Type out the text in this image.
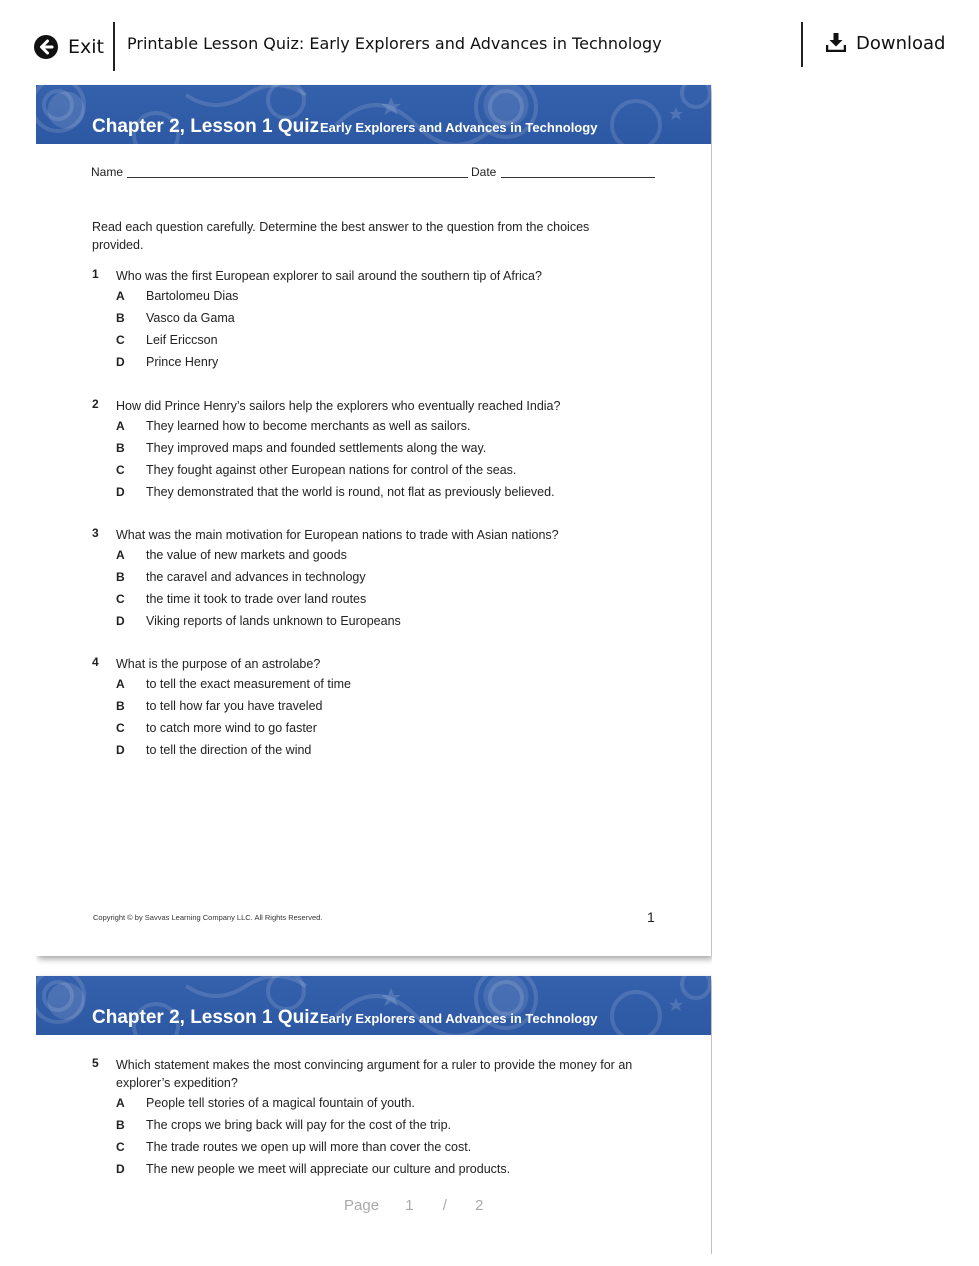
Exit Printable Lesson Quiz: Early Explorers and Advances in Technology	Download
Chapter 2, Lesson 1 QuizEarly Explorers and Advances in Technology
Name	Date
Read each question carefully. Determine the best answer to the question from the choices provided.
1 Who was the first European explorer to sail around the southern tip of Africa?
A Bartolomeu Dias
B Vasco da Gama
C Leif Ericcson
D Prince Henry
2 How did Prince Henry’s sailors help the explorers who eventually reached India?
A They learned how to become merchants as well as sailors.
B They improved maps and founded settlements along the way.
C They fought against other European nations for control of the seas.
D They demonstrated that the world is round, not flat as previously believed.
3 What was the main motivation for European nations to trade with Asian nations?
A the value of new markets and goods
B the caravel and advances in technology
C the time it took to trade over land routes
D Viking reports of lands unknown to Europeans
4 What is the purpose of an astrolabe?
A to tell the exact measurement of time
B to tell how far you have traveled
C to catch more wind to go faster
D to tell the direction of the wind
Copyright © by Savvas Learning Company LLC. All Rights Reserved.	1
Chapter 2, Lesson 1 QuizEarly Explorers and Advances in Technology
5 Which statement makes the most convincing argument for a ruler to provide the money for an explorer’s expedition?
A People tell stories of a magical fountain of youth.
B The crops we bring back will pay for the cost of the trip.
C The trade routes we open up will more than cover the cost.
D The new people we meet will appreciate our culture and products.
Page 1 / 2
